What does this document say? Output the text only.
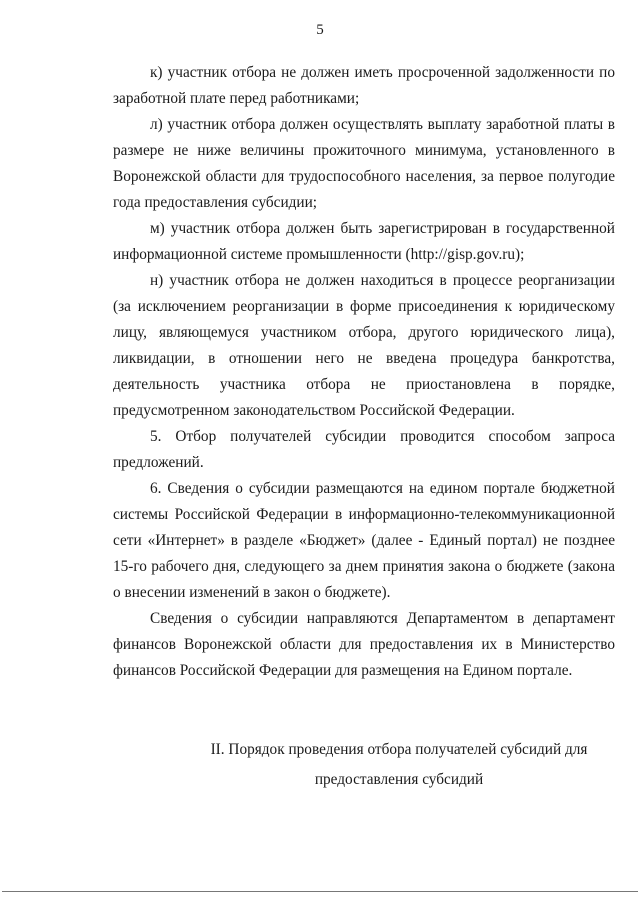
5

к) участник отбора не должен иметь просроченной задолженности по заработной плате перед работниками;

л) участник отбора должен осуществлять выплату заработной платы в размере не ниже величины прожиточного минимума, установленного в Воронежской области для трудоспособного населения, за первое полугодие года предоставления субсидии;

м) участник отбора должен быть зарегистрирован в государственной информационной системе промышленности (http://gisp.gov.ru);

н) участник отбора не должен находиться в процессе реорганизации (за исключением реорганизации в форме присоединения к юридическому лицу, являющемуся участником отбора, другого юридического лица), ликвидации, в отношении него не введена процедура банкротства, деятельность участника отбора не приостановлена в порядке, предусмотренном законодательством Российской Федерации.

5. Отбор получателей субсидии проводится способом запроса предложений.

6. Сведения о субсидии размещаются на едином портале бюджетной системы Российской Федерации в информационно-телекоммуникационной сети «Интернет» в разделе «Бюджет» (далее - Единый портал) не позднее 15-го рабочего дня, следующего за днем принятия закона о бюджете (закона о внесении изменений в закон о бюджете).

Сведения о субсидии направляются Департаментом в департамент финансов Воронежской области для предоставления их в Министерство финансов Российской Федерации для размещения на Едином портале.

II. Порядок проведения отбора получателей субсидий для
предоставления субсидий
